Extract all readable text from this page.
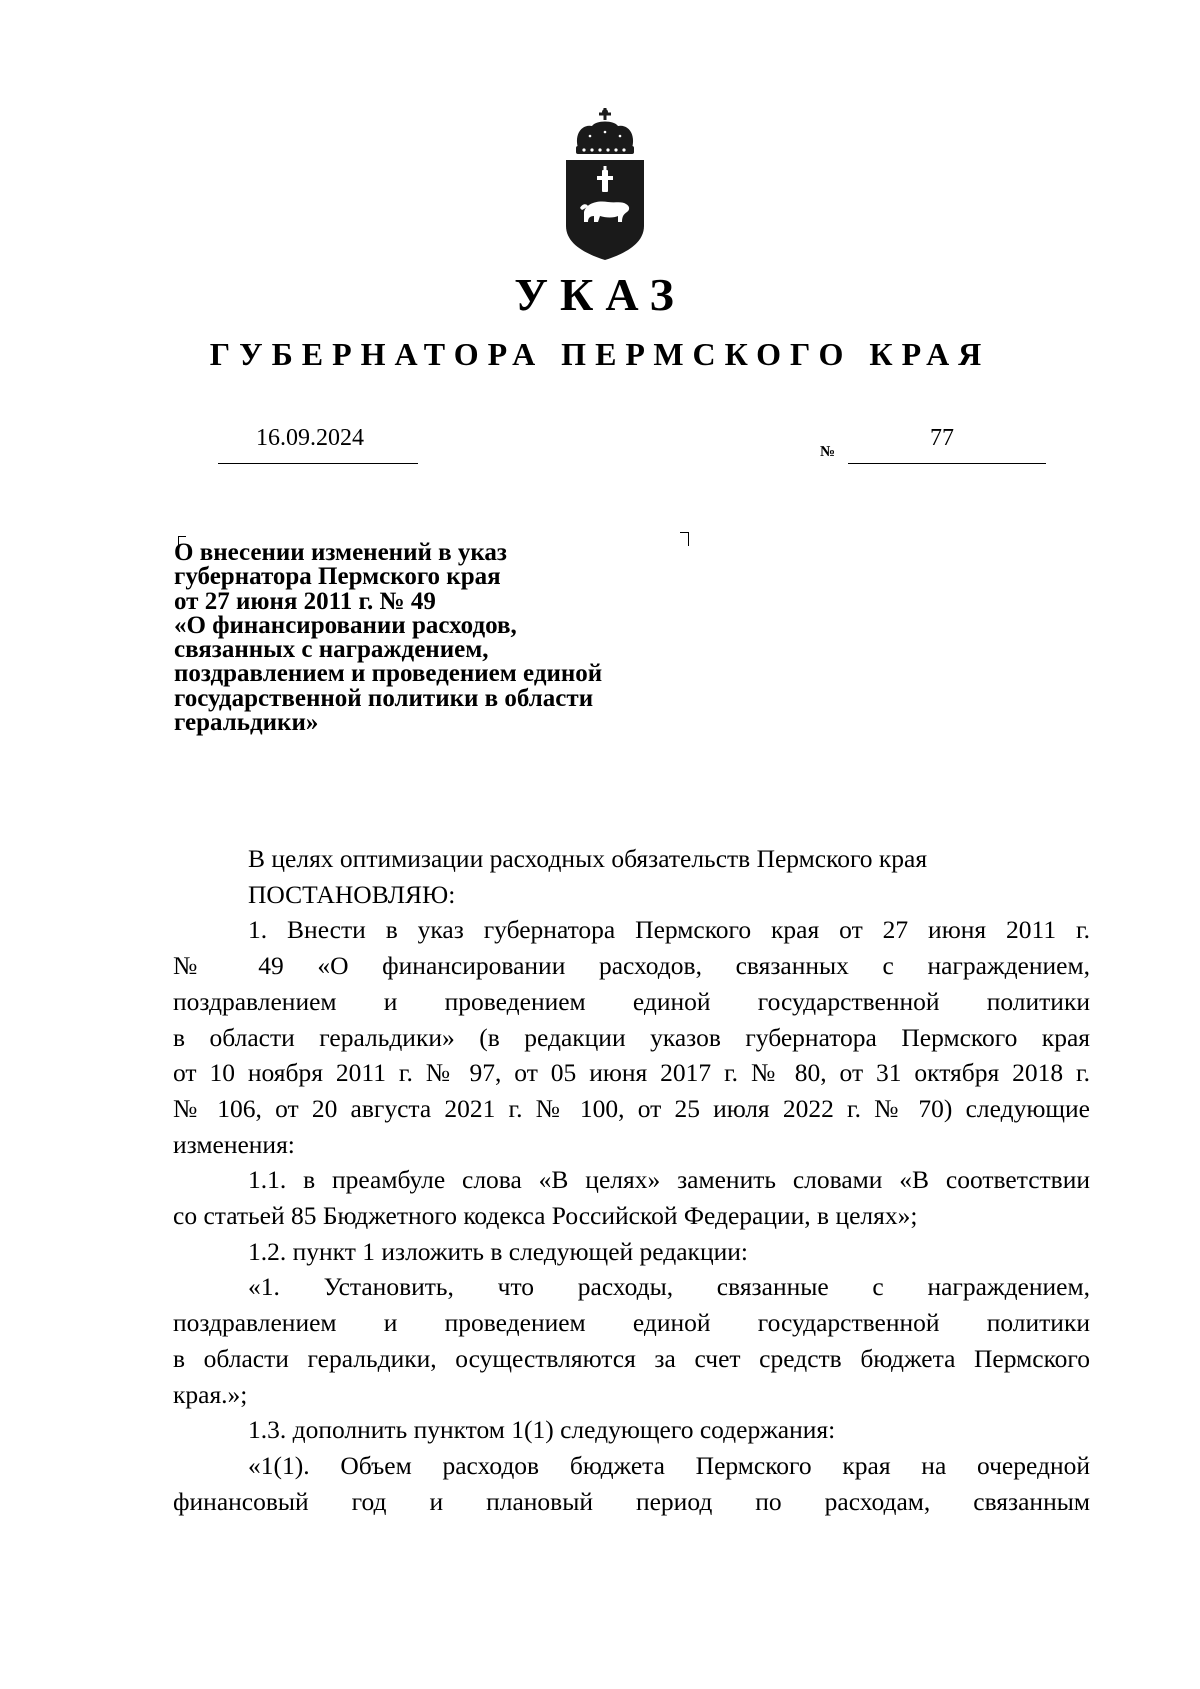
УКАЗ
ГУБЕРНАТОРА ПЕРМСКОГО КРАЯ
16.09.2024
№
77
О внесении изменений в указ
губернатора Пермского края
от 27 июня 2011 г. № 49
«О финансировании расходов,
связанных с награждением,
поздравлением и проведением единой
государственной политики в области
геральдики»
В целях оптимизации расходных обязательств Пермского края
ПОСТАНОВЛЯЮ:
1. Внести в указ губернатора Пермского края от 27 июня 2011 г.
№ 49 «О финансировании расходов, связанных с награждением,
поздравлением и проведением единой государственной политики
в области геральдики» (в редакции указов губернатора Пермского края
от 10 ноября 2011 г. № 97, от 05 июня 2017 г. № 80, от 31 октября 2018 г.
№ 106, от 20 августа 2021 г. № 100, от 25 июля 2022 г. № 70) следующие
изменения:
1.1. в преамбуле слова «В целях» заменить словами «В соответствии
со статьей 85 Бюджетного кодекса Российской Федерации, в целях»;
1.2. пункт 1 изложить в следующей редакции:
«1. Установить, что расходы, связанные с награждением,
поздравлением и проведением единой государственной политики
в области геральдики, осуществляются за счет средств бюджета Пермского
края.»;
1.3. дополнить пунктом 1(1) следующего содержания:
«1(1). Объем расходов бюджета Пермского края на очередной
финансовый год и плановый период по расходам, связанным
